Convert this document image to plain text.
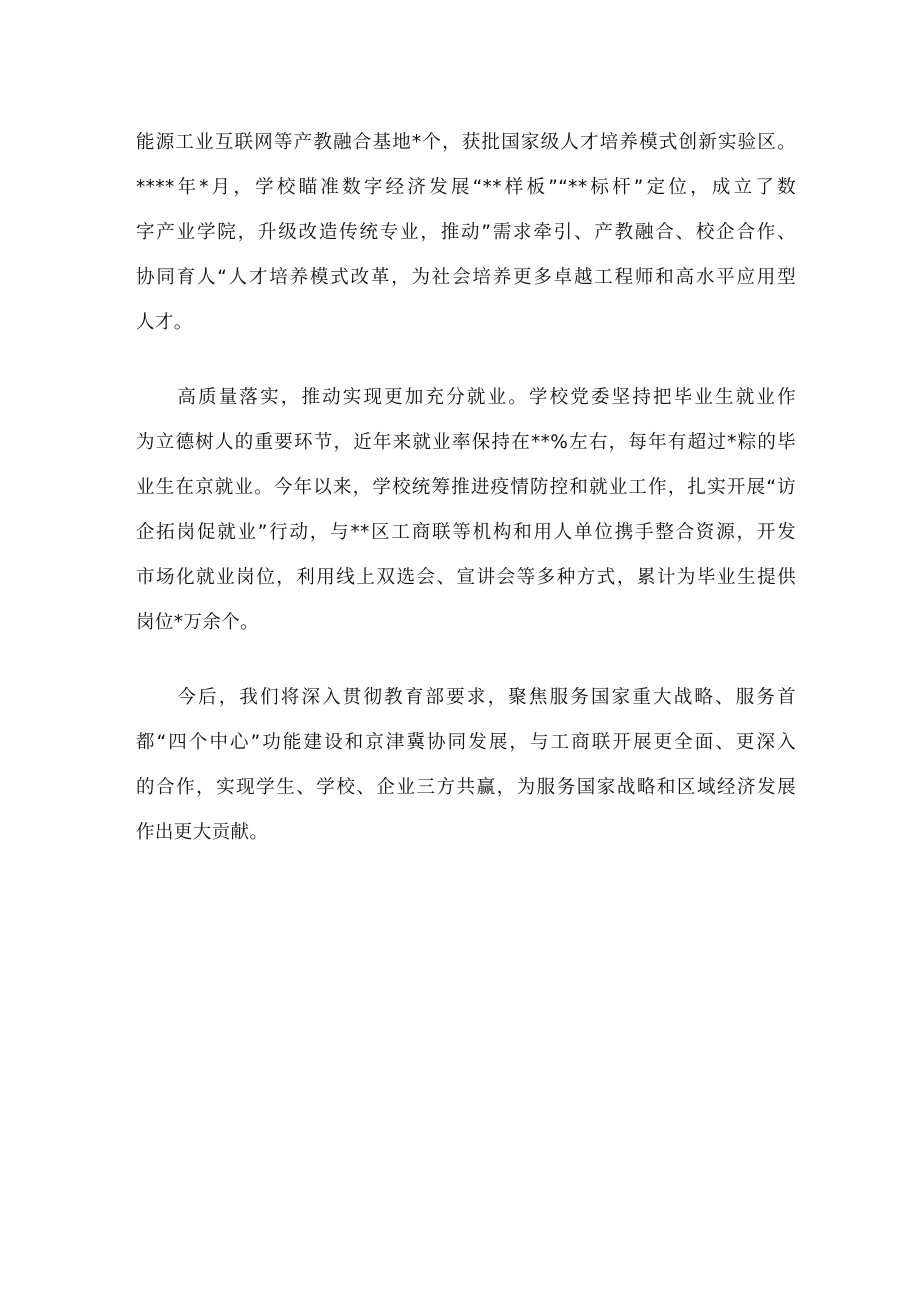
能源工业互联网等产教融合基地*个，获批国家级人才培养模式创新实验区。
****年*月，学校瞄准数字经济发展“**样板”“**标杆”定位，成立了数
字产业学院，升级改造传统专业，推动”需求牵引、产教融合、校企合作、
协同育人“人才培养模式改革，为社会培养更多卓越工程师和高水平应用型
人才。
　　高质量落实，推动实现更加充分就业。学校党委坚持把毕业生就业作
为立德树人的重要环节，近年来就业率保持在**%左右，每年有超过*粽的毕
业生在京就业。今年以来，学校统筹推进疫情防控和就业工作，扎实开展“访
企拓岗促就业”行动，与**区工商联等机构和用人单位携手整合资源，开发
市场化就业岗位，利用线上双选会、宣讲会等多种方式，累计为毕业生提供
岗位*万余个。
　　今后，我们将深入贯彻教育部要求，聚焦服务国家重大战略、服务首
都“四个中心”功能建设和京津冀协同发展，与工商联开展更全面、更深入
的合作，实现学生、学校、企业三方共赢，为服务国家战略和区域经济发展
作出更大贡献。
